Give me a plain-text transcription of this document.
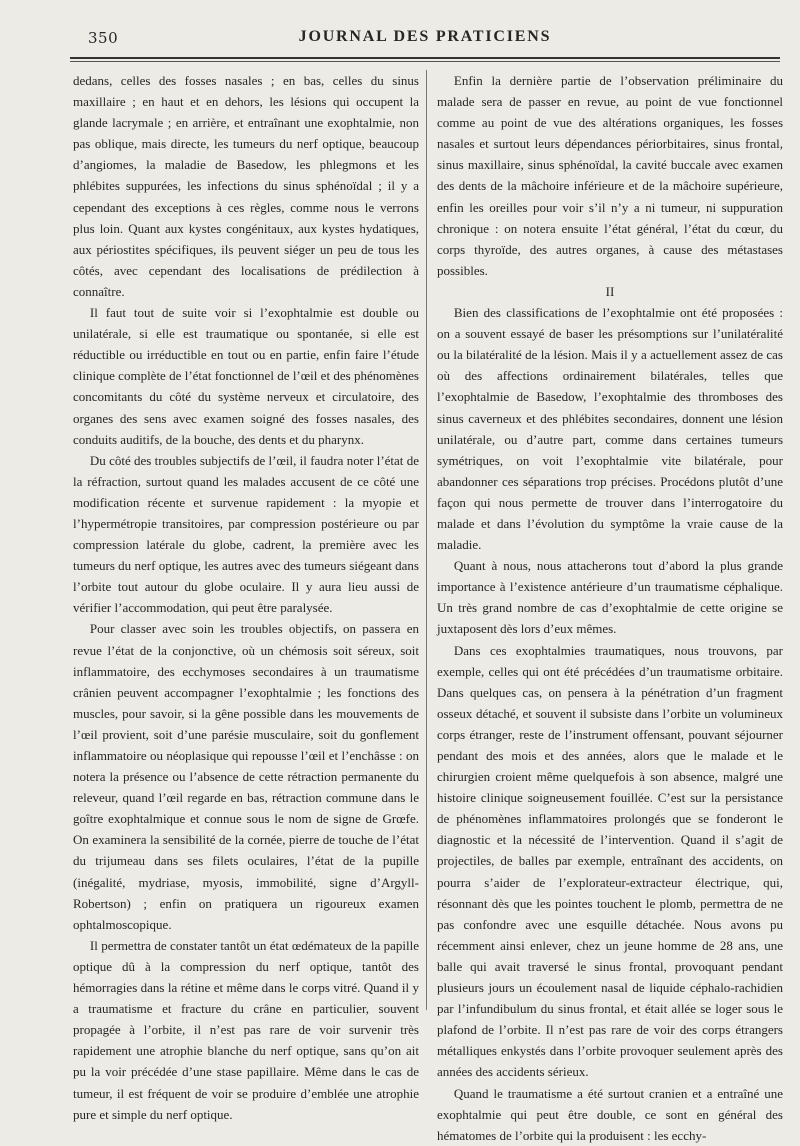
350	JOURNAL DES PRATICIENS

dedans, celles des fosses nasales ; en bas, celles du sinus maxillaire ; en haut et en dehors, les lésions qui occupent la glande lacrymale ; en arrière, et entraînant une exophtalmie, non pas oblique, mais directe, les tumeurs du nerf optique, beaucoup d’angiomes, la maladie de Basedow, les phlegmons et les phlébites suppurées, les infections du sinus sphénoïdal ; il y a cependant des exceptions à ces règles, comme nous le verrons plus loin. Quant aux kystes congénitaux, aux kystes hydatiques, aux périostites spécifiques, ils peuvent siéger un peu de tous les côtés, avec cependant des localisations de prédilection à connaître.

Il faut tout de suite voir si l’exophtalmie est double ou unilatérale, si elle est traumatique ou spontanée, si elle est réductible ou irréductible en tout ou en partie, enfin faire l’étude clinique complète de l’état fonctionnel de l’œil et des phénomènes concomitants du côté du système nerveux et circulatoire, des organes des sens avec examen soigné des fosses nasales, des conduits auditifs, de la bouche, des dents et du pharynx.

Du côté des troubles subjectifs de l’œil, il faudra noter l’état de la réfraction, surtout quand les malades accusent de ce côté une modification récente et survenue rapidement : la myopie et l’hypermétropie transitoires, par compression postérieure ou par compression latérale du globe, cadrent, la première avec les tumeurs du nerf optique, les autres avec des tumeurs siégeant dans l’orbite tout autour du globe oculaire. Il y aura lieu aussi de vérifier l’accommodation, qui peut être paralysée.

Pour classer avec soin les troubles objectifs, on passera en revue l’état de la conjonctive, où un chémosis soit séreux, soit inflammatoire, des ecchymoses secondaires à un traumatisme crânien peuvent accompagner l’exophtalmie ; les fonctions des muscles, pour savoir, si la gêne possible dans les mouvements de l’œil provient, soit d’une parésie musculaire, soit du gonflement inflammatoire ou néoplasique qui repousse l’œil et l’enchâsse : on notera la présence ou l’absence de cette rétraction permanente du releveur, quand l’œil regarde en bas, rétraction commune dans le goître exophtalmique et connue sous le nom de signe de Grœfe. On examinera la sensibilité de la cornée, pierre de touche de l’état du trijumeau dans ses filets oculaires, l’état de la pupille (inégalité, mydriase, myosis, immobilité, signe d’Argyll-Robertson) ; enfin on pratiquera un rigoureux examen ophtalmoscopique.

Il permettra de constater tantôt un état œdémateux de la papille optique dû à la compression du nerf optique, tantôt des hémorragies dans la rétine et même dans le corps vitré. Quand il y a traumatisme et fracture du crâne en particulier, souvent propagée à l’orbite, il n’est pas rare de voir survenir très rapidement une atrophie blanche du nerf optique, sans qu’on ait pu la voir précédée d’une stase papillaire. Même dans le cas de tumeur, il est fréquent de voir se produire d’emblée une atrophie pure et simple du nerf optique.

Enfin la dernière partie de l’observation préliminaire du malade sera de passer en revue, au point de vue fonctionnel comme au point de vue des altérations organiques, les fosses nasales et surtout leurs dépendances périorbitaires, sinus frontal, sinus maxillaire, sinus sphénoïdal, la cavité buccale avec examen des dents de la mâchoire inférieure et de la mâchoire supérieure, enfin les oreilles pour voir s’il n’y a ni tumeur, ni suppuration chronique : on notera ensuite l’état général, l’état du cœur, du corps thyroïde, des autres organes, à cause des métastases possibles.

II

Bien des classifications de l’exophtalmie ont été proposées : on a souvent essayé de baser les présomptions sur l’unilatéralité ou la bilatéralité de la lésion. Mais il y a actuellement assez de cas où des affections ordinairement bilatérales, telles que l’exophtalmie de Basedow, l’exophtalmie des thromboses des sinus caverneux et des phlébites secondaires, donnent une lésion unilatérale, ou d’autre part, comme dans certaines tumeurs symétriques, on voit l’exophtalmie vite bilatérale, pour abandonner ces séparations trop précises. Procédons plutôt d’une façon qui nous permette de trouver dans l’interrogatoire du malade et dans l’évolution du symptôme la vraie cause de la maladie.

Quant à nous, nous attacherons tout d’abord la plus grande importance à l’existence antérieure d’un traumatisme céphalique. Un très grand nombre de cas d’exophtalmie de cette origine se juxtaposent dès lors d’eux mêmes.

Dans ces exophtalmies traumatiques, nous trouvons, par exemple, celles qui ont été précédées d’un traumatisme orbitaire. Dans quelques cas, on pensera à la pénétration d’un fragment osseux détaché, et souvent il subsiste dans l’orbite un volumineux corps étranger, reste de l’instrument offensant, pouvant séjourner pendant des mois et des années, alors que le malade et le chirurgien croient même quelquefois à son absence, malgré une histoire clinique soigneusement fouillée. C’est sur la persistance de phénomènes inflammatoires prolongés que se fonderont le diagnostic et la nécessité de l’intervention. Quand il s’agit de projectiles, de balles par exemple, entraînant des accidents, on pourra s’aider de l’explorateur-extracteur électrique, qui, résonnant dès que les pointes touchent le plomb, permettra de ne pas confondre avec une esquille détachée. Nous avons pu récemment ainsi enlever, chez un jeune homme de 28 ans, une balle qui avait traversé le sinus frontal, provoquant pendant plusieurs jours un écoulement nasal de liquide céphalo-rachidien par l’infundibulum du sinus frontal, et était allée se loger sous le plafond de l’orbite. Il n’est pas rare de voir des corps étrangers métalliques enkystés dans l’orbite provoquer seulement après des années des accidents sérieux.

Quand le traumatisme a été surtout cranien et a entraîné une exophtalmie qui peut être double, ce sont en général des hématomes de l’orbite qui la produisent : les ecchy-
